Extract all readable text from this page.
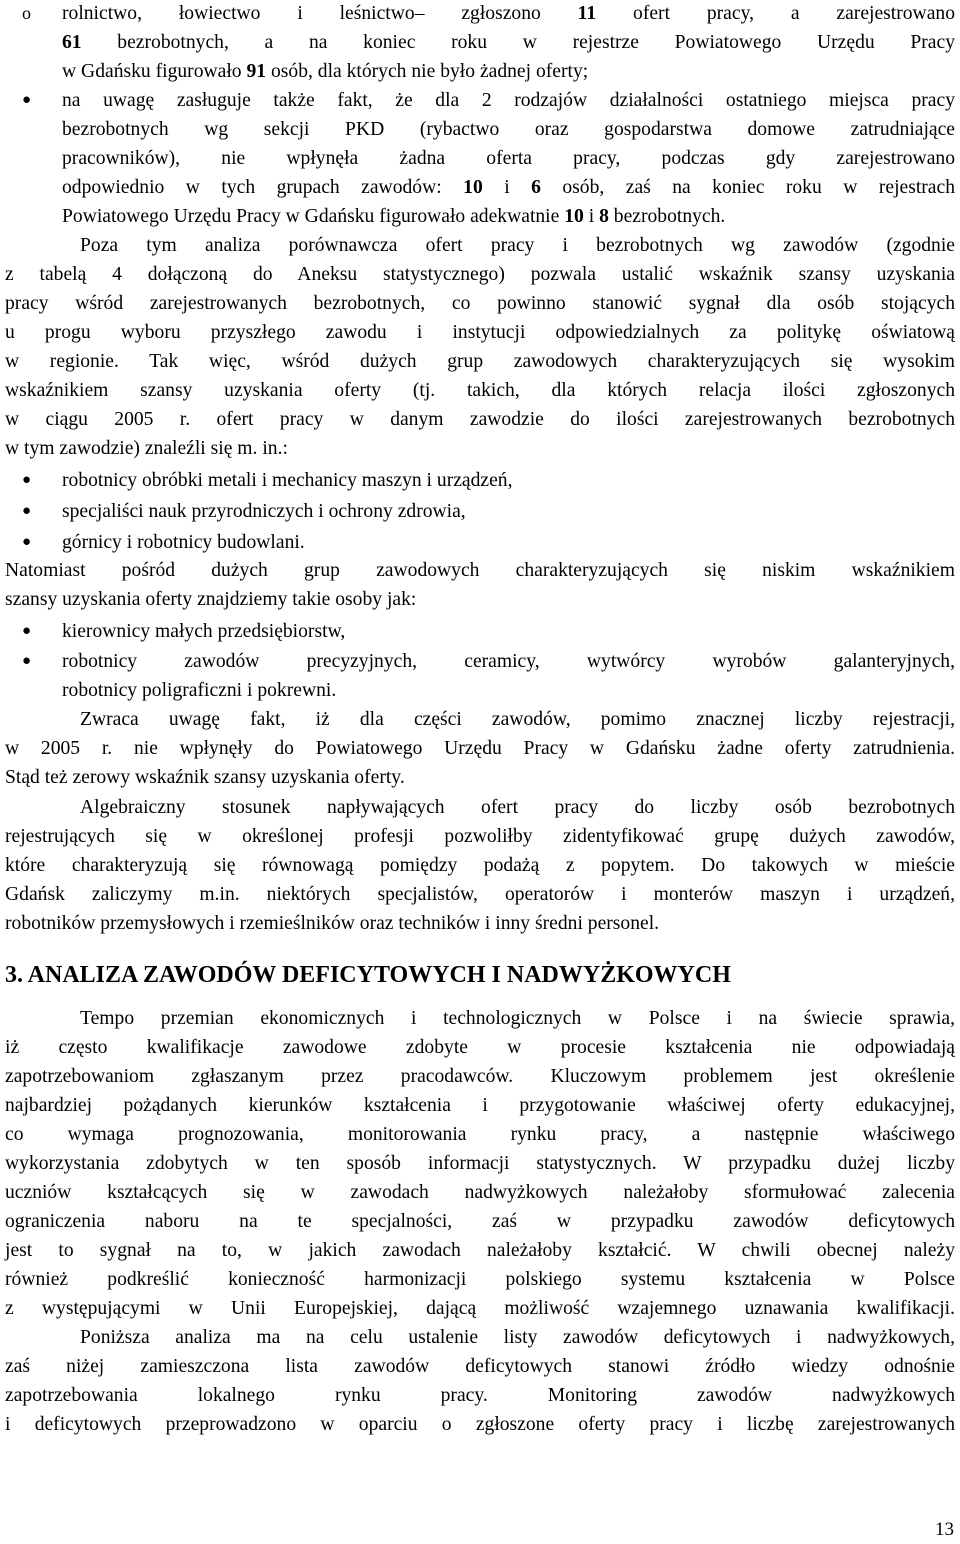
o rolnictwo, łowiectwo i leśnictwo– zgłoszono 11 ofert pracy, a zarejestrowano
61 bezrobotnych, a na koniec roku w rejestrze Powiatowego Urzędu Pracy
w Gdańsku figurowało 91 osób, dla których nie było żadnej oferty;
● na uwagę zasługuje także fakt, że dla 2 rodzajów działalności ostatniego miejsca pracy
bezrobotnych wg sekcji PKD (rybactwo oraz gospodarstwa domowe zatrudniające
pracowników), nie wpłynęła żadna oferta pracy, podczas gdy zarejestrowano
odpowiednio w tych grupach zawodów: 10 i 6 osób, zaś na koniec roku w rejestrach
Powiatowego Urzędu Pracy w Gdańsku figurowało adekwatnie 10 i 8 bezrobotnych.
Poza tym analiza porównawcza ofert pracy i bezrobotnych wg zawodów (zgodnie
z tabelą 4 dołączoną do Aneksu statystycznego) pozwala ustalić wskaźnik szansy uzyskania
pracy wśród zarejestrowanych bezrobotnych, co powinno stanowić sygnał dla osób stojących
u progu wyboru przyszłego zawodu i instytucji odpowiedzialnych za politykę oświatową
w regionie. Tak więc, wśród dużych grup zawodowych charakteryzujących się wysokim
wskaźnikiem szansy uzyskania oferty (tj. takich, dla których relacja ilości zgłoszonych
w ciągu 2005 r. ofert pracy w danym zawodzie do ilości zarejestrowanych bezrobotnych
w tym zawodzie) znaleźli się m. in.:
● robotnicy obróbki metali i mechanicy maszyn i urządzeń,
● specjaliści nauk przyrodniczych i ochrony zdrowia,
● górnicy i robotnicy budowlani.
Natomiast pośród dużych grup zawodowych charakteryzujących się niskim wskaźnikiem
szansy uzyskania oferty znajdziemy takie osoby jak:
● kierownicy małych przedsiębiorstw,
● robotnicy zawodów precyzyjnych, ceramicy, wytwórcy wyrobów galanteryjnych,
robotnicy poligraficzni i pokrewni.
Zwraca uwagę fakt, iż dla części zawodów, pomimo znacznej liczby rejestracji,
w 2005 r. nie wpłynęły do Powiatowego Urzędu Pracy w Gdańsku żadne oferty zatrudnienia.
Stąd też zerowy wskaźnik szansy uzyskania oferty.
Algebraiczny stosunek napływających ofert pracy do liczby osób bezrobotnych
rejestrujących się w określonej profesji pozwoliłby zidentyfikować grupę dużych zawodów,
które charakteryzują się równowagą pomiędzy podażą z popytem. Do takowych w mieście
Gdańsk zaliczymy m.in. niektórych specjalistów, operatorów i monterów maszyn i urządzeń,
robotników przemysłowych i rzemieślników oraz techników i inny średni personel.
3. ANALIZA ZAWODÓW DEFICYTOWYCH I NADWYŻKOWYCH
Tempo przemian ekonomicznych i technologicznych w Polsce i na świecie sprawia,
iż często kwalifikacje zawodowe zdobyte w procesie kształcenia nie odpowiadają
zapotrzebowaniom zgłaszanym przez pracodawców. Kluczowym problemem jest określenie
najbardziej pożądanych kierunków kształcenia i przygotowanie właściwej oferty edukacyjnej,
co wymaga prognozowania, monitorowania rynku pracy, a następnie właściwego
wykorzystania zdobytych w ten sposób informacji statystycznych. W przypadku dużej liczby
uczniów kształcących się w zawodach nadwyżkowych należałoby sformułować zalecenia
ograniczenia naboru na te specjalności, zaś w przypadku zawodów deficytowych
jest to sygnał na to, w jakich zawodach należałoby kształcić. W chwili obecnej należy
również podkreślić konieczność harmonizacji polskiego systemu kształcenia w Polsce
z występującymi w Unii Europejskiej, dającą możliwość wzajemnego uznawania kwalifikacji.
Poniższa analiza ma na celu ustalenie listy zawodów deficytowych i nadwyżkowych,
zaś niżej zamieszczona lista zawodów deficytowych stanowi źródło wiedzy odnośnie
zapotrzebowania lokalnego rynku pracy. Monitoring zawodów nadwyżkowych
i deficytowych przeprowadzono w oparciu o zgłoszone oferty pracy i liczbę zarejestrowanych
13
